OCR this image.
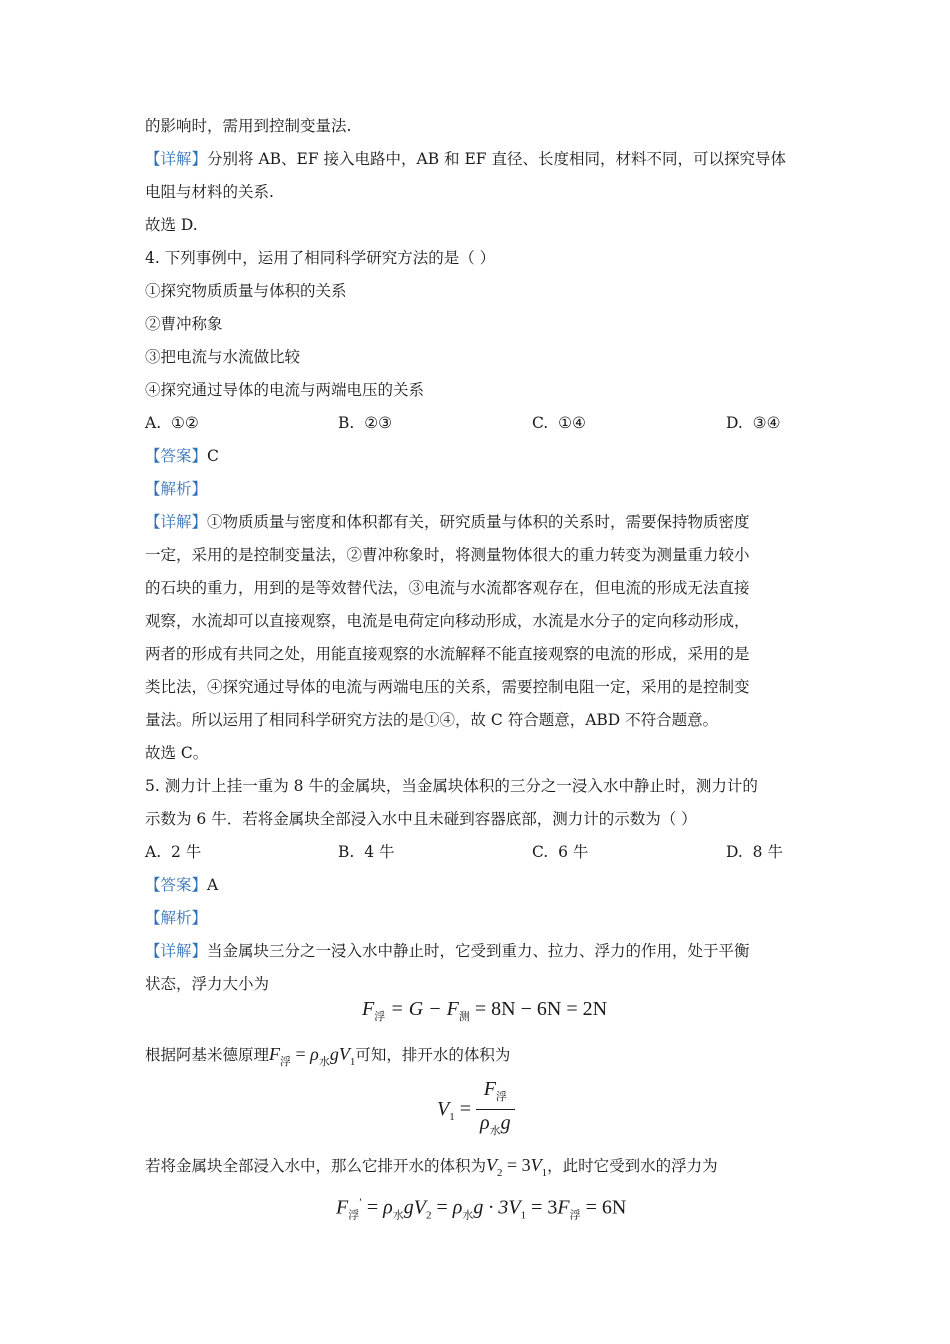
的影响时，需用到控制变量法.
【详解】分别将 AB、EF 接入电路中，AB 和 EF 直径、长度相同，材料不同，可以探究导体
电阻与材料的关系.
故选 D.
4. 下列事例中，运用了相同科学研究方法的是（ ）
①探究物质质量与体积的关系
②曹冲称象
③把电流与水流做比较
④探究通过导体的电流与两端电压的关系
A. ①②	B. ②③	C. ①④	D. ③④
【答案】C
【解析】
【详解】①物质质量与密度和体积都有关，研究质量与体积的关系时，需要保持物质密度
一定，采用的是控制变量法，②曹冲称象时，将测量物体很大的重力转变为测量重力较小
的石块的重力，用到的是等效替代法，③电流与水流都客观存在，但电流的形成无法直接
观察，水流却可以直接观察，电流是电荷定向移动形成，水流是水分子的定向移动形成，
两者的形成有共同之处，用能直接观察的水流解释不能直接观察的电流的形成，采用的是
类比法，④探究通过导体的电流与两端电压的关系，需要控制电阻一定，采用的是控制变
量法。所以运用了相同科学研究方法的是①④，故 C 符合题意，ABD 不符合题意。
故选 C。
5. 测力计上挂一重为 8 牛的金属块，当金属块体积的三分之一浸入水中静止时，测力计的
示数为 6 牛．若将金属块全部浸入水中且未碰到容器底部，测力计的示数为（ ）
A. 2 牛	B. 4 牛	C. 6 牛	D. 8 牛
【答案】A
【解析】
【详解】当金属块三分之一浸入水中静止时，它受到重力、拉力、浮力的作用，处于平衡
状态，浮力大小为
$F_浮 = G - F_测 = 8N - 6N = 2N$
根据阿基米德原理$F_浮 = \rho_水gV_1$可知，排开水的体积为
$V_1 = \frac{F_浮}{\rho_水g}$
若将金属块全部浸入水中，那么它排开水的体积为$V_2 = 3V_1$，此时它受到水的浮力为
$F_浮' = \rho_水gV_2 = \rho_水g \cdot 3V_1 = 3F_浮 = 6N$
